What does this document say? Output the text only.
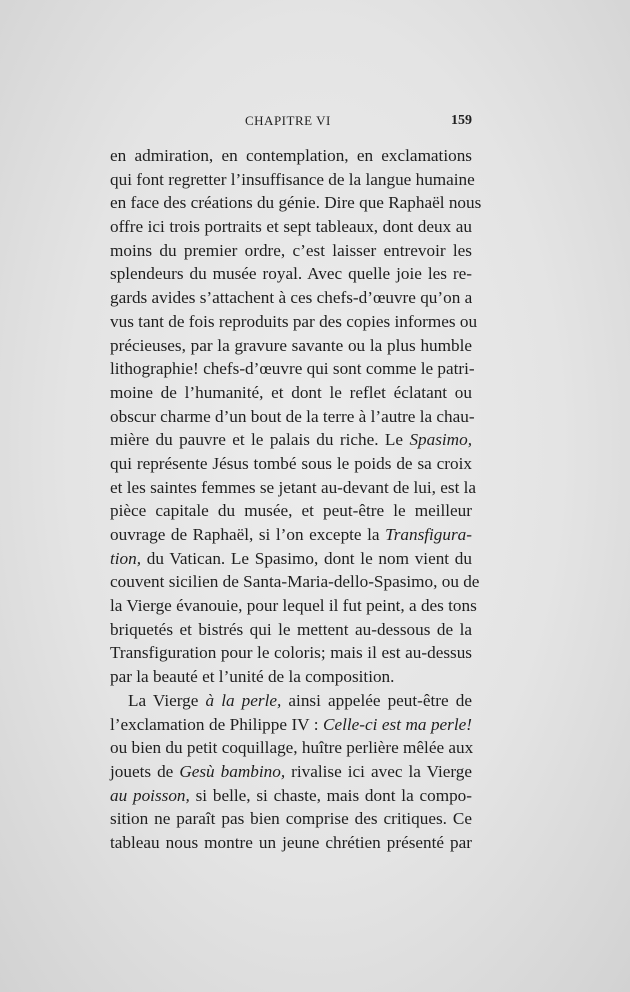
CHAPITRE VI	159
en admiration, en contemplation, en exclamations
qui font regretter l’insuffisance de la langue humaine
en face des créations du génie. Dire que Raphaël nous
offre ici trois portraits et sept tableaux, dont deux au
moins du premier ordre, c’est laisser entrevoir les
splendeurs du musée royal. Avec quelle joie les re-
gards avides s’attachent à ces chefs-d’œuvre qu’on a
vus tant de fois reproduits par des copies informes ou
précieuses, par la gravure savante ou la plus humble
lithographie! chefs-d’œuvre qui sont comme le patri-
moine de l’humanité, et dont le reflet éclatant ou
obscur charme d’un bout de la terre à l’autre la chau-
mière du pauvre et le palais du riche. Le Spasimo,
qui représente Jésus tombé sous le poids de sa croix
et les saintes femmes se jetant au-devant de lui, est la
pièce capitale du musée, et peut-être le meilleur
ouvrage de Raphaël, si l’on excepte la Transfigura-
tion, du Vatican. Le Spasimo, dont le nom vient du
couvent sicilien de Santa-Maria-dello-Spasimo, ou de
la Vierge évanouie, pour lequel il fut peint, a des tons
briquetés et bistrés qui le mettent au-dessous de la
Transfiguration pour le coloris; mais il est au-dessus
par la beauté et l’unité de la composition.
La Vierge à la perle, ainsi appelée peut-être de
l’exclamation de Philippe IV : Celle-ci est ma perle!
ou bien du petit coquillage, huître perlière mêlée aux
jouets de Gesù bambino, rivalise ici avec la Vierge
au poisson, si belle, si chaste, mais dont la compo-
sition ne paraît pas bien comprise des critiques. Ce
tableau nous montre un jeune chrétien présenté par
